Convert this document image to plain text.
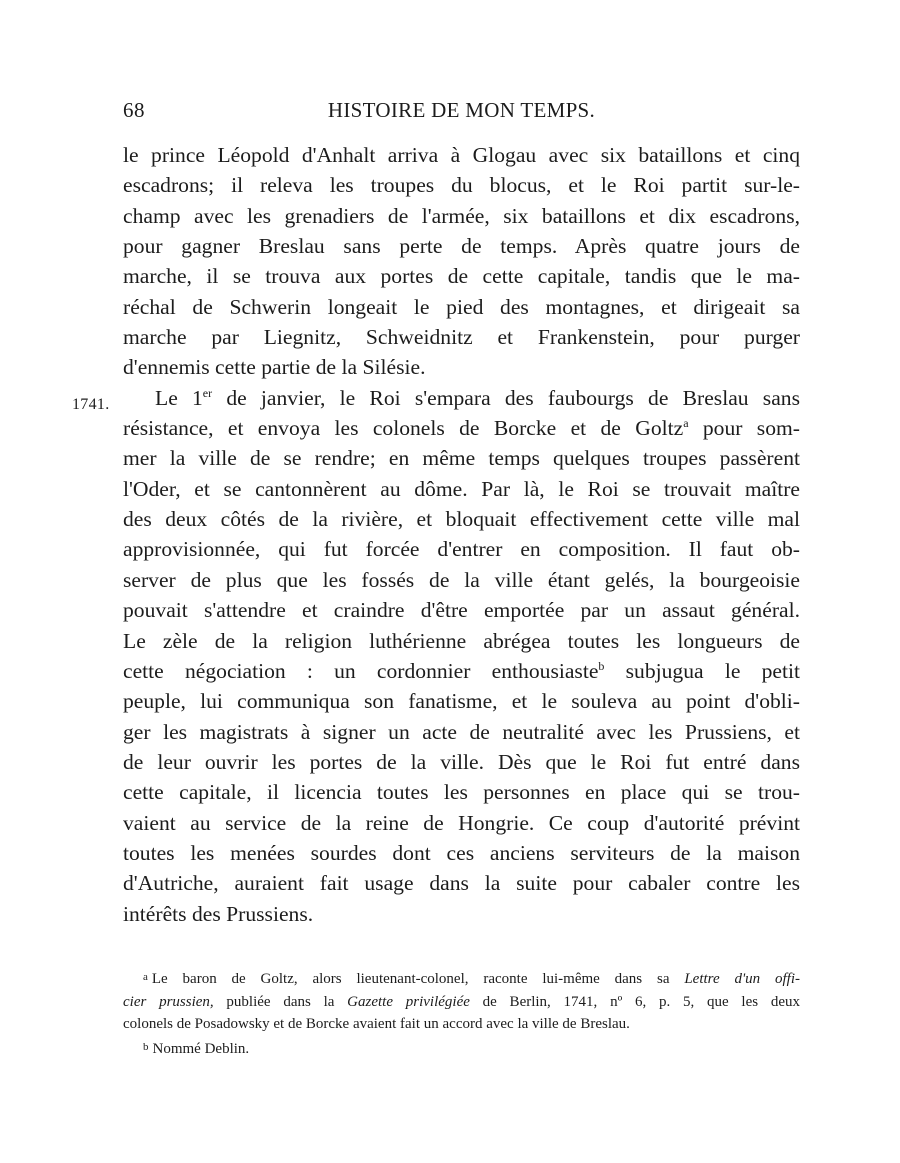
68	HISTOIRE DE MON TEMPS.
1741.
le prince Léopold d'Anhalt arriva à Glogau avec six bataillons et cinq
escadrons; il releva les troupes du blocus, et le Roi partit sur-le-
champ avec les grenadiers de l'armée, six bataillons et dix escadrons,
pour gagner Breslau sans perte de temps. Après quatre jours de
marche, il se trouva aux portes de cette capitale, tandis que le ma-
réchal de Schwerin longeait le pied des montagnes, et dirigeait sa
marche par Liegnitz, Schweidnitz et Frankenstein, pour purger
d'ennemis cette partie de la Silésie.
Le 1er de janvier, le Roi s'empara des faubourgs de Breslau sans
résistance, et envoya les colonels de Borcke et de Goltz$^a$ pour som-
mer la ville de se rendre; en même temps quelques troupes passèrent
l'Oder, et se cantonnèrent au dôme. Par là, le Roi se trouvait maître
des deux côtés de la rivière, et bloquait effectivement cette ville mal
approvisionnée, qui fut forcée d'entrer en composition. Il faut ob-
server de plus que les fossés de la ville étant gelés, la bourgeoisie
pouvait s'attendre et craindre d'être emportée par un assaut général.
Le zèle de la religion luthérienne abrégea toutes les longueurs de
cette négociation : un cordonnier enthousiaste$^b$ subjugua le petit
peuple, lui communiqua son fanatisme, et le souleva au point d'obli-
ger les magistrats à signer un acte de neutralité avec les Prussiens, et
de leur ouvrir les portes de la ville. Dès que le Roi fut entré dans
cette capitale, il licencia toutes les personnes en place qui se trou-
vaient au service de la reine de Hongrie. Ce coup d'autorité prévint
toutes les menées sourdes dont ces anciens serviteurs de la maison
d'Autriche, auraient fait usage dans la suite pour cabaler contre les
intérêts des Prussiens.
$^a$ Le baron de Goltz, alors lieutenant-colonel, raconte lui-même dans sa Lettre d'un offi-
cier prussien, publiée dans la Gazette privilégiée de Berlin, 1741, nº 6, p. 5, que les deux
colonels de Posadowsky et de Borcke avaient fait un accord avec la ville de Breslau.
$^b$ Nommé Deblin.
